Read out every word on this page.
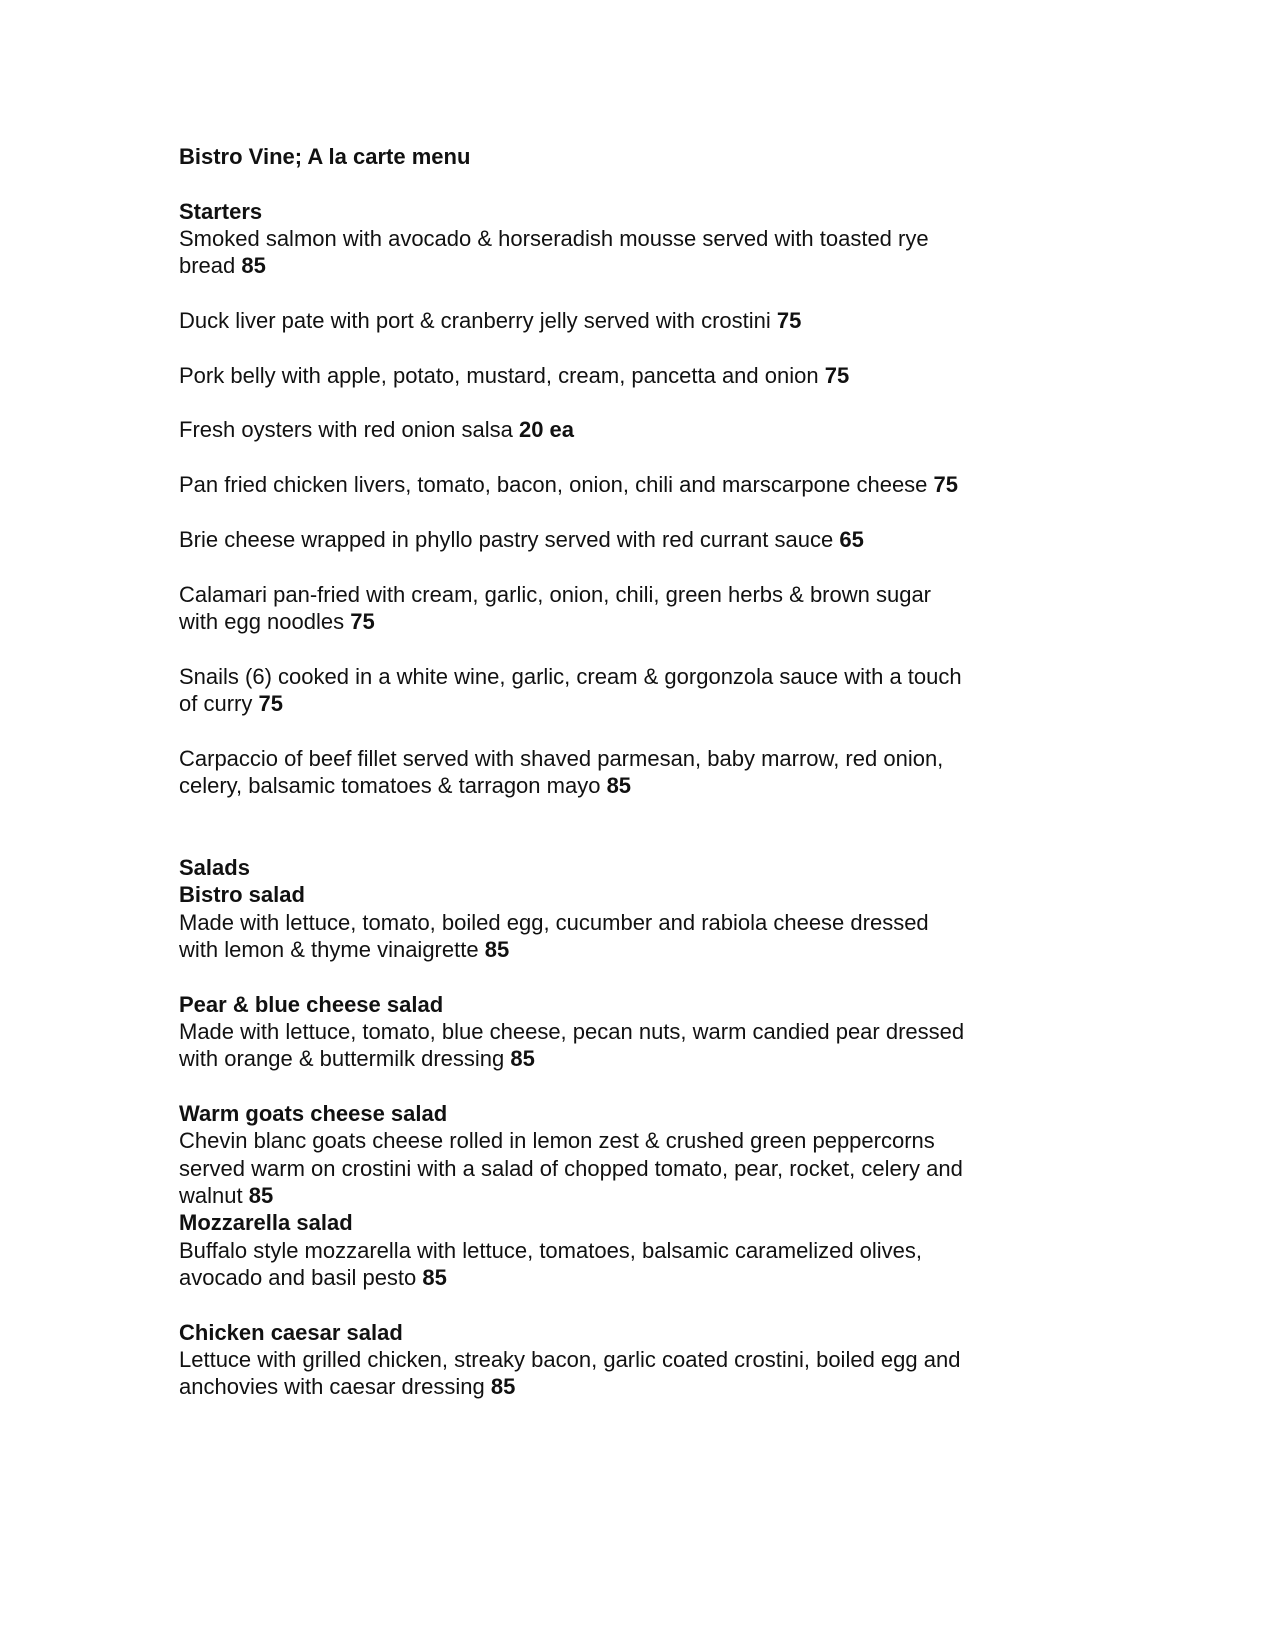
Bistro Vine; A la carte menu
Starters
Smoked salmon with avocado & horseradish mousse served with toasted rye
bread 85
Duck liver pate with port & cranberry jelly served with crostini 75
Pork belly with apple, potato, mustard, cream, pancetta and onion 75
Fresh oysters with red onion salsa 20 ea
Pan fried chicken livers, tomato, bacon, onion, chili and marscarpone cheese 75
Brie cheese wrapped in phyllo pastry served with red currant sauce 65
Calamari pan-fried with cream, garlic, onion, chili, green herbs & brown sugar
with egg noodles 75
Snails (6) cooked in a white wine, garlic, cream & gorgonzola sauce with a touch
of curry 75
Carpaccio of beef fillet served with shaved parmesan, baby marrow, red onion,
celery, balsamic tomatoes & tarragon mayo 85
Salads
Bistro salad
Made with lettuce, tomato, boiled egg, cucumber and rabiola cheese dressed
with lemon & thyme vinaigrette 85
Pear & blue cheese salad
Made with lettuce, tomato, blue cheese, pecan nuts, warm candied pear dressed
with orange & buttermilk dressing 85
Warm goats cheese salad
Chevin blanc goats cheese rolled in lemon zest & crushed green peppercorns
served warm on crostini with a salad of chopped tomato, pear, rocket, celery and
walnut 85
Mozzarella salad
Buffalo style mozzarella with lettuce, tomatoes, balsamic caramelized olives,
avocado and basil pesto 85
Chicken caesar salad
Lettuce with grilled chicken, streaky bacon, garlic coated crostini, boiled egg and
anchovies with caesar dressing 85
